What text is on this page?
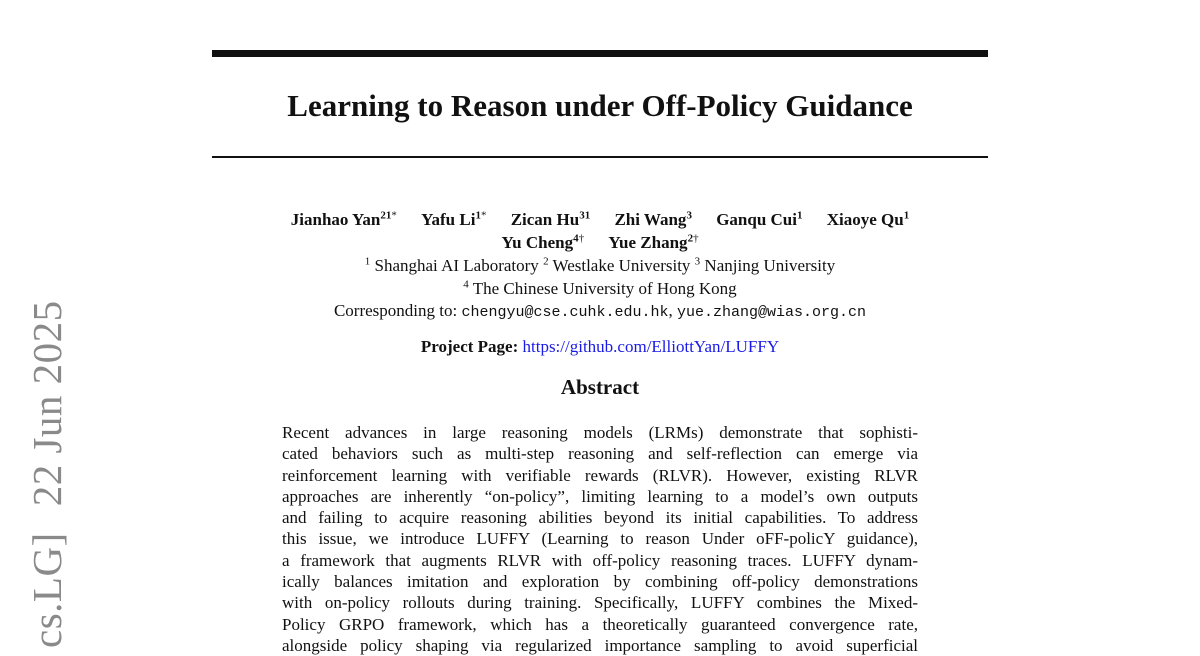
cs.LG]22 Jun 2025
Learning to Reason under Off-Policy Guidance
Jianhao Yan$^{21*}$ Yafu $Li^{1*}$ Zican Hu$^{31}$ Zhi Wang$^3$ Ganqu Cui$^1$ Xiaoye Qu$^1$
Yu Cheng$^{4\dagger}$ Yue Zhang$^{2\dagger}$
$^1$ Shanghai AI Laboratory $^2$ Westlake University $^3$ Nanjing University
$^4$ The Chinese University of Hong Kong
Corresponding to: chengyu@cse.cuhk.edu.hk, yue.zhang@wias.org.cn
Project Page: https://github.com/ElliottYan/LUFFY
Abstract
Recent advances in large reasoning models (LRMs) demonstrate that sophisti-
cated behaviors such as multi-step reasoning and self-reflection can emerge via
reinforcement learning with verifiable rewards (RLVR). However, existing RLVR
approaches are inherently “on-policy”, limiting learning to a model’s own outputs
and failing to acquire reasoning abilities beyond its initial capabilities. To address
this issue, we introduce LUFFY (Learning to reason Under oFF-policY guidance),
a framework that augments RLVR with off-policy reasoning traces. LUFFY dynam-
ically balances imitation and exploration by combining off-policy demonstrations
with on-policy rollouts during training. Specifically, LUFFY combines the Mixed-
Policy GRPO framework, which has a theoretically guaranteed convergence rate,
alongside policy shaping via regularized importance sampling to avoid superficial
